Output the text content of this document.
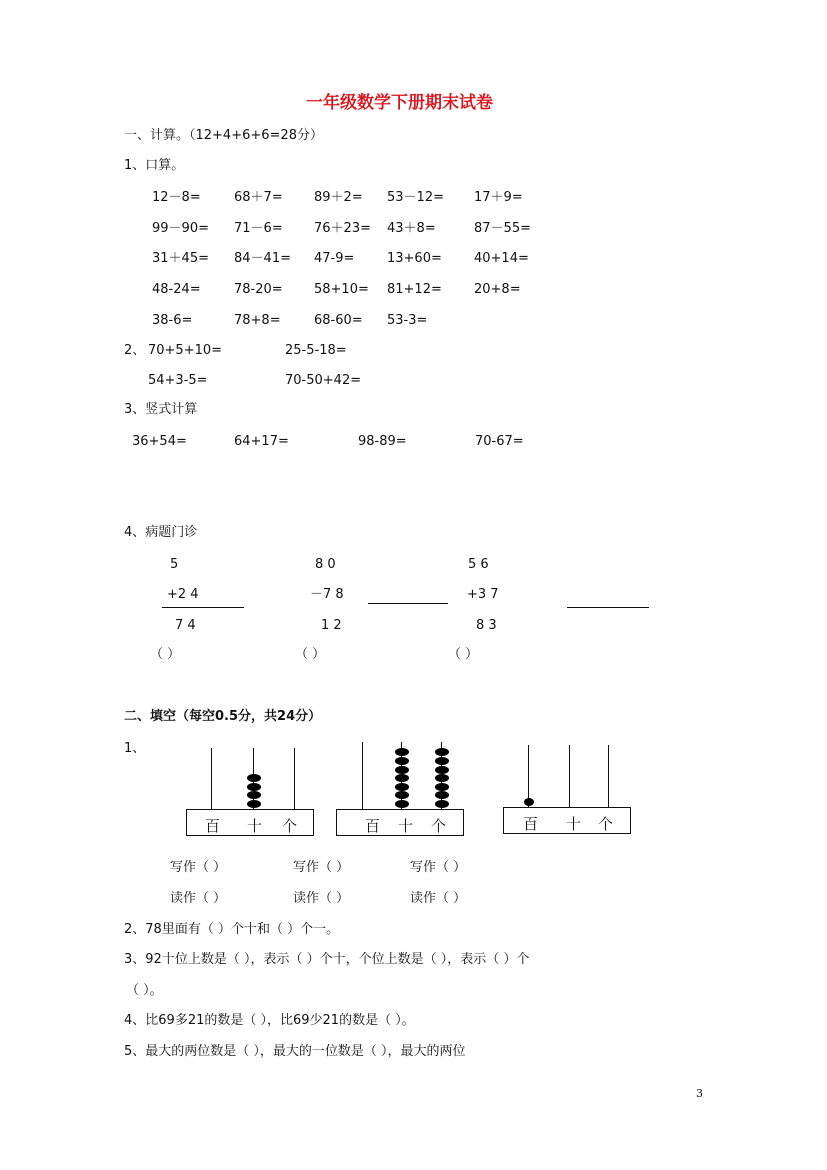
一年级数学下册期末试卷
一、计算。（12+4+6+6=28分）
1、口算。
12－8=	68＋7= 89＋2= 53－12= 17＋9=
99－90= 71－6= 76＋23= 43＋8=	87－55=
31＋45= 84－41= 47-9=	13+60= 40+14=
48-24=	78-20= 58+10= 81+12= 20+8=
38-6=	78+8=	68-60= 53-3=
2、 70+5+10=	25-5-18=
54+3-5=	70-50+42=
3、竖式计算
36+54=	64+17=	98-89=	70-67=
4、病题门诊
5
+2 4
7 4
（ ）
8 0
－7 8
1 2
（ ）
5 6
+3 7
8 3
（ ）
二、填空（每空0.5分，共24分）
1、
百 十 个	百 十 个	百 十 个
写作（ ）	写作（ ）	写作（ ）
读作（ ）	读作（ ）	读作（ ）
2、78里面有（ ）个十和（ ）个一。
3、92十位上数是（ ），表示（ ）个十，个位上数是（ ），表示（ ）个
（ ）。
4、比69多21的数是（ ），比69少21的数是（ ）。
5、最大的两位数是（ ），最大的一位数是（ ），最大的两位
3
